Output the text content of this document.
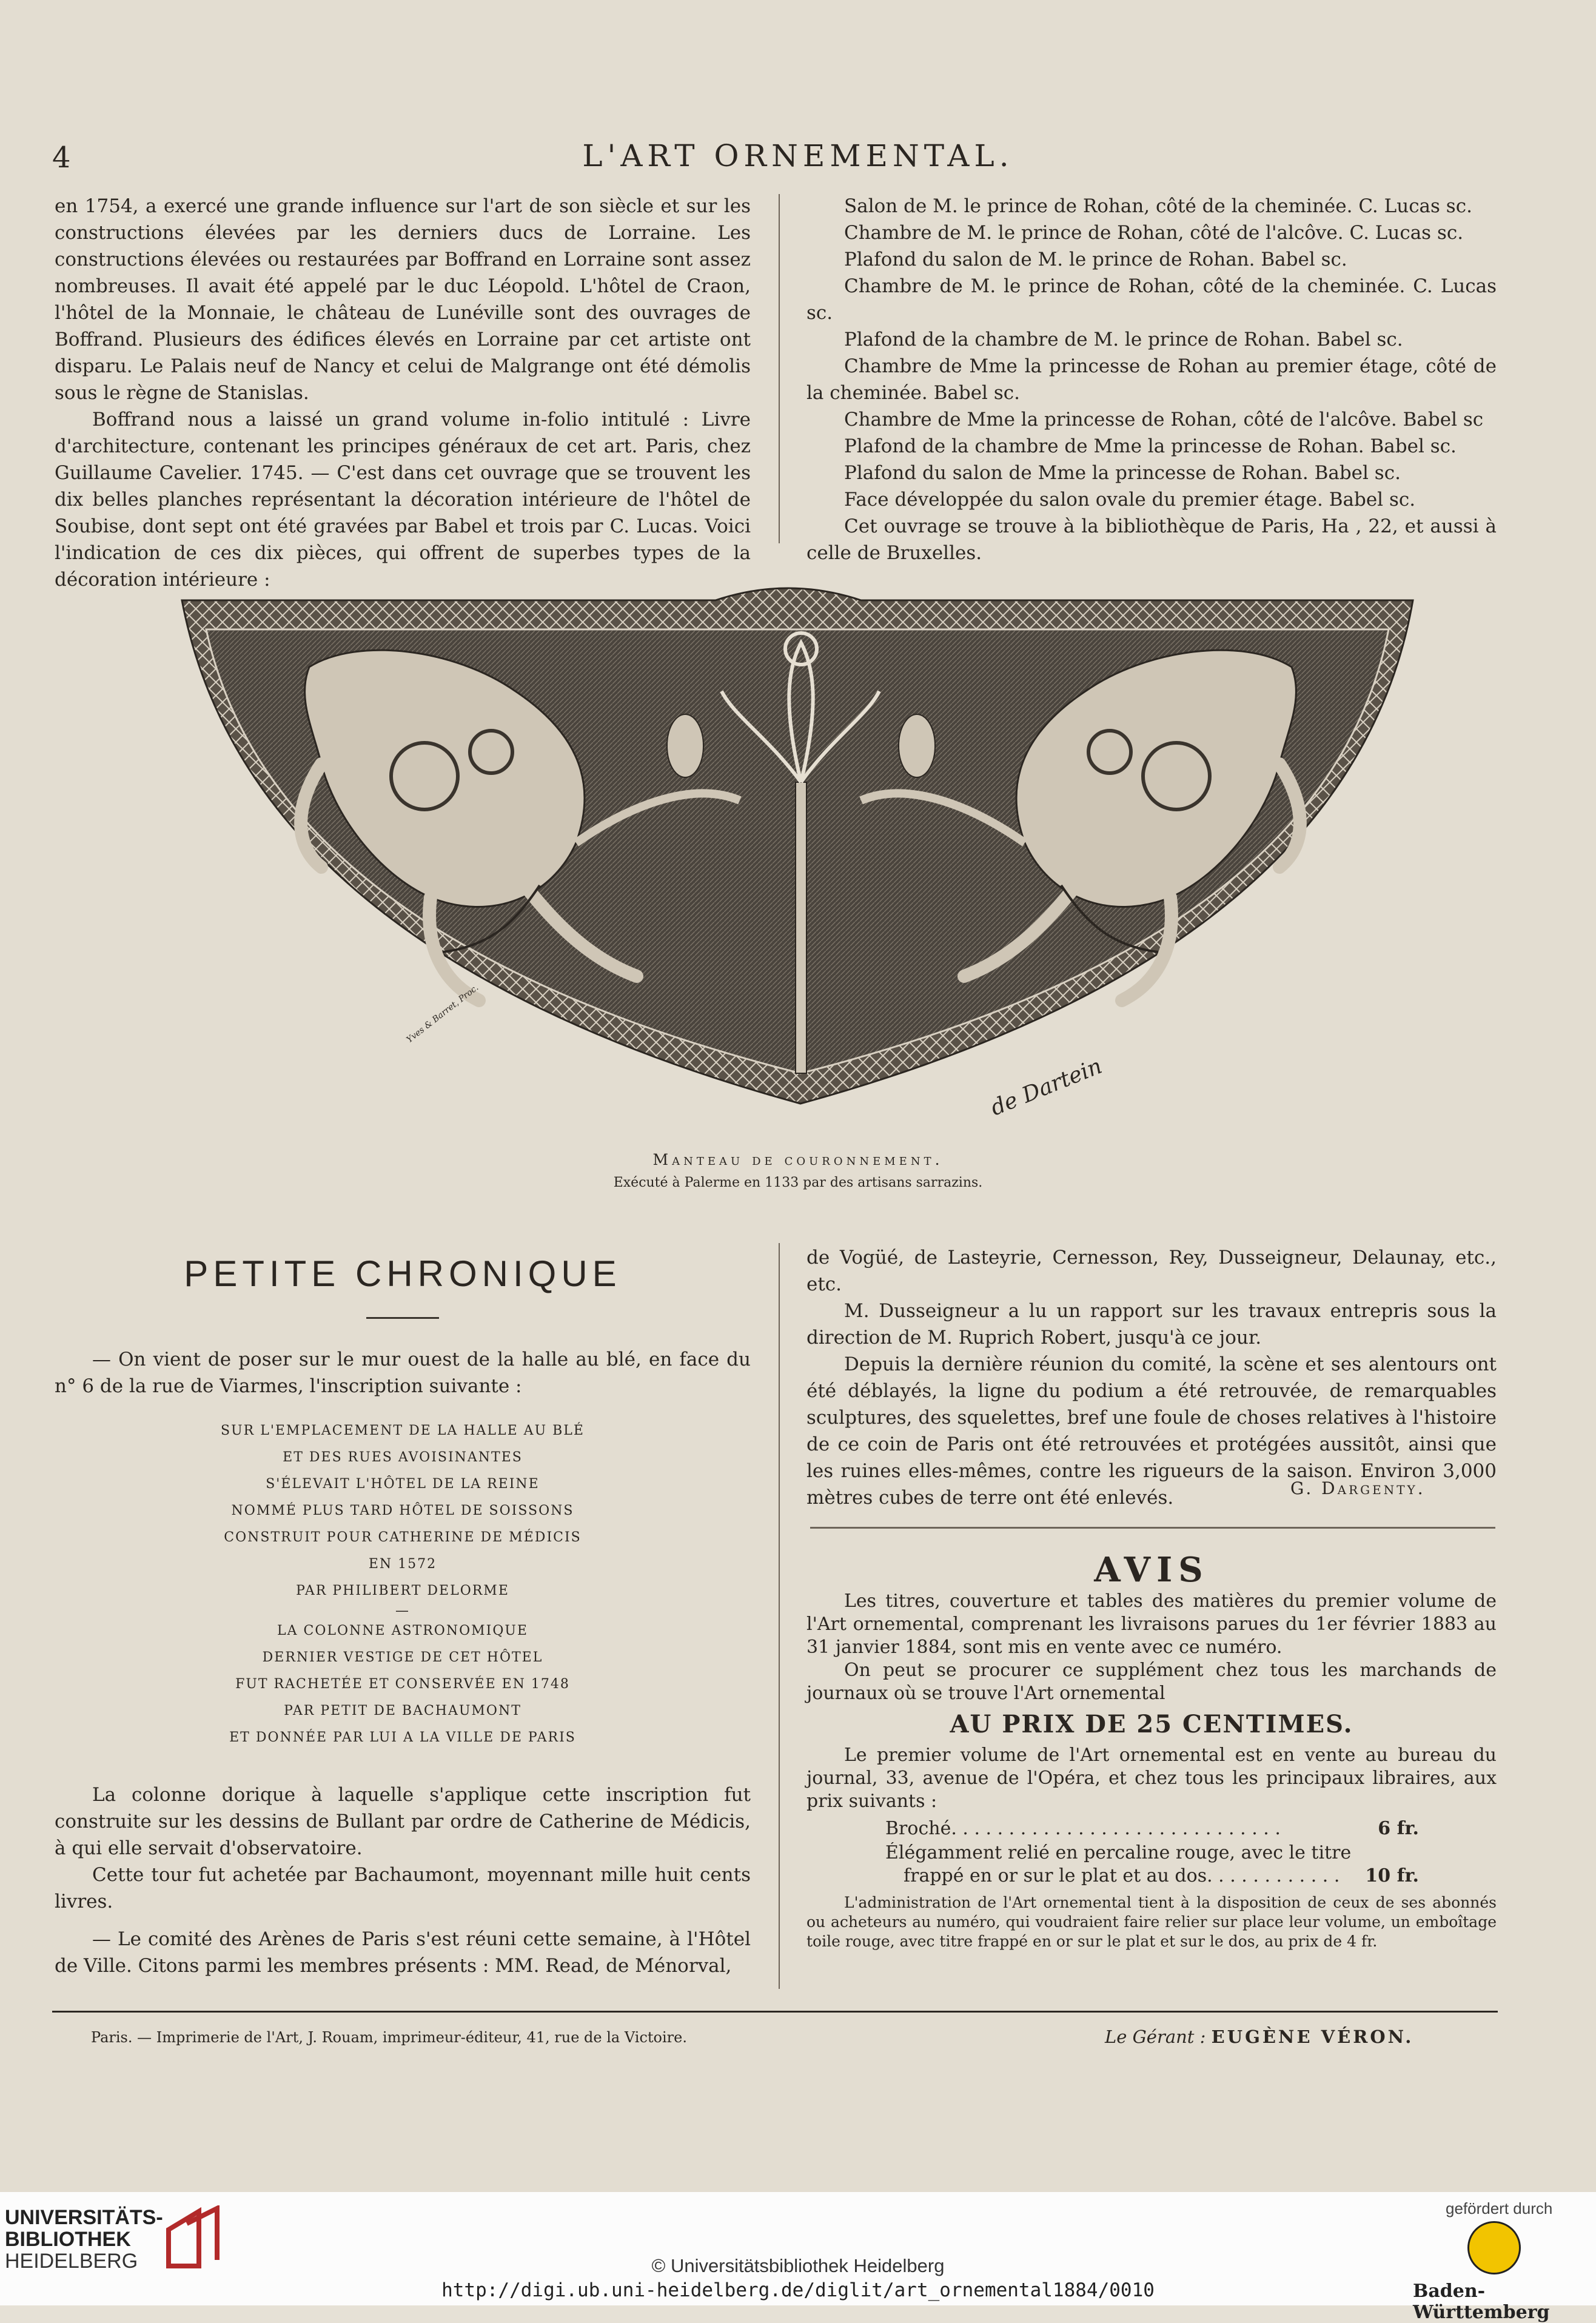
4	L'ART ORNEMENTAL.

en 1754, a exercé une grande influence sur l'art de son siècle et sur les constructions élevées par les derniers ducs de Lorraine. Les constructions élevées ou restaurées par Boffrand en Lorraine sont assez nombreuses. Il avait été appelé par le duc Léopold. L'hôtel de Craon, l'hôtel de la Monnaie, le château de Lunéville sont des ouvrages de Boffrand. Plusieurs des édifices élevés en Lorraine par cet artiste ont disparu. Le Palais neuf de Nancy et celui de Malgrange ont été démolis sous le règne de Stanislas.

Boffrand nous a laissé un grand volume in-folio intitulé : Livre d'architecture, contenant les principes généraux de cet art. Paris, chez Guillaume Cavelier. 1745. — C'est dans cet ouvrage que se trouvent les dix belles planches représentant la décoration intérieure de l'hôtel de Soubise, dont sept ont été gravées par Babel et trois par C. Lucas. Voici l'indication de ces dix pièces, qui offrent de superbes types de la décoration intérieure :

Salon de M. le prince de Rohan, côté de la cheminée. C. Lucas sc.

Chambre de M. le prince de Rohan, côté de l'alcôve. C. Lucas sc.

Plafond du salon de M. le prince de Rohan. Babel sc.

Chambre de M. le prince de Rohan, côté de la cheminée. C. Lucas sc.

Plafond de la chambre de M. le prince de Rohan. Babel sc.

Chambre de Mme la princesse de Rohan au premier étage, côté de la cheminée. Babel sc.

Chambre de Mme la princesse de Rohan, côté de l'alcôve. Babel sc

Plafond de la chambre de Mme la princesse de Rohan. Babel sc.

Plafond du salon de Mme la princesse de Rohan. Babel sc.

Face développée du salon ovale du premier étage. Babel sc.

Cet ouvrage se trouve à la bibliothèque de Paris, Ha , 22, et aussi à celle de Bruxelles.

Yves & Barret, Proc.
de Dartein
Manteau de couronnement.
Exécuté à Palerme en 1133 par des artisans sarrazins.
PETITE CHRONIQUE

— On vient de poser sur le mur ouest de la halle au blé, en face du n° 6 de la rue de Viarmes, l'inscription suivante :

SUR L'EMPLACEMENT DE LA HALLE AU BLÉ
ET DES RUES AVOISINANTES
S'ÉLEVAIT L'HÔTEL DE LA REINE
NOMMÉ PLUS TARD HÔTEL DE SOISSONS
CONSTRUIT POUR CATHERINE DE MÉDICIS
EN 1572
PAR PHILIBERT DELORME
—
LA COLONNE ASTRONOMIQUE
DERNIER VESTIGE DE CET HÔTEL
FUT RACHETÉE ET CONSERVÉE EN 1748
PAR PETIT DE BACHAUMONT
ET DONNÉE PAR LUI A LA VILLE DE PARIS

La colonne dorique à laquelle s'applique cette inscription fut construite sur les dessins de Bullant par ordre de Catherine de Médicis, à qui elle servait d'observatoire.

Cette tour fut achetée par Bachaumont, moyennant mille huit cents livres.

— Le comité des Arènes de Paris s'est réuni cette semaine, à l'Hôtel de Ville. Citons parmi les membres présents : MM. Read, de Ménorval,

de Vogüé, de Lasteyrie, Cernesson, Rey, Dusseigneur, Delaunay, etc., etc.

M. Dusseigneur a lu un rapport sur les travaux entrepris sous la direction de M. Ruprich Robert, jusqu'à ce jour.

Depuis la dernière réunion du comité, la scène et ses alentours ont été déblayés, la ligne du podium a été retrouvée, de remarquables sculptures, des squelettes, bref une foule de choses relatives à l'histoire de ce coin de Paris ont été retrouvées et protégées aussitôt, ainsi que les ruines elles-mêmes, contre les rigueurs de la saison. Environ 3,000 mètres cubes de terre ont été enlevés.	G. Dargenty.
AVIS

Les titres, couverture et tables des matières du premier volume de l'Art ornemental, comprenant les livraisons parues du 1er février 1883 au 31 janvier 1884, sont mis en vente avec ce numéro.

On peut se procurer ce supplément chez tous les marchands de journaux où se trouve l'Art ornemental

AU PRIX DE 25 CENTIMES.

Le premier volume de l'Art ornemental est en vente au bureau du journal, 33, avenue de l'Opéra, et chez tous les principaux libraires, aux prix suivants :

Broché. . . . . . . . . . . . . . . . . . . . . . . . . . . . .	6 fr.
Élégamment relié en percaline rouge, avec le titre
frappé en or sur le plat et au dos. . . . . . . . . . . .	10 fr.

L'administration de l'Art ornemental tient à la disposition de ceux de ses abonnés ou acheteurs au numéro, qui voudraient faire relier sur place leur volume, un emboîtage toile rouge, avec titre frappé en or sur le plat et sur le dos, au prix de 4 fr.

Paris. — Imprimerie de l'Art, J. Rouam, imprimeur-éditeur, 41, rue de la Victoire.	Le Gérant : EUGÈNE VÉRON.
UNIVERSITÄTS-
BIBLIOTHEK
HEIDELBERG	© Universitätsbibliothek Heidelberg
http://digi.ub.uni-heidelberg.de/diglit/art_ornemental1884/0010
gefördert durch
Baden-Württemberg
